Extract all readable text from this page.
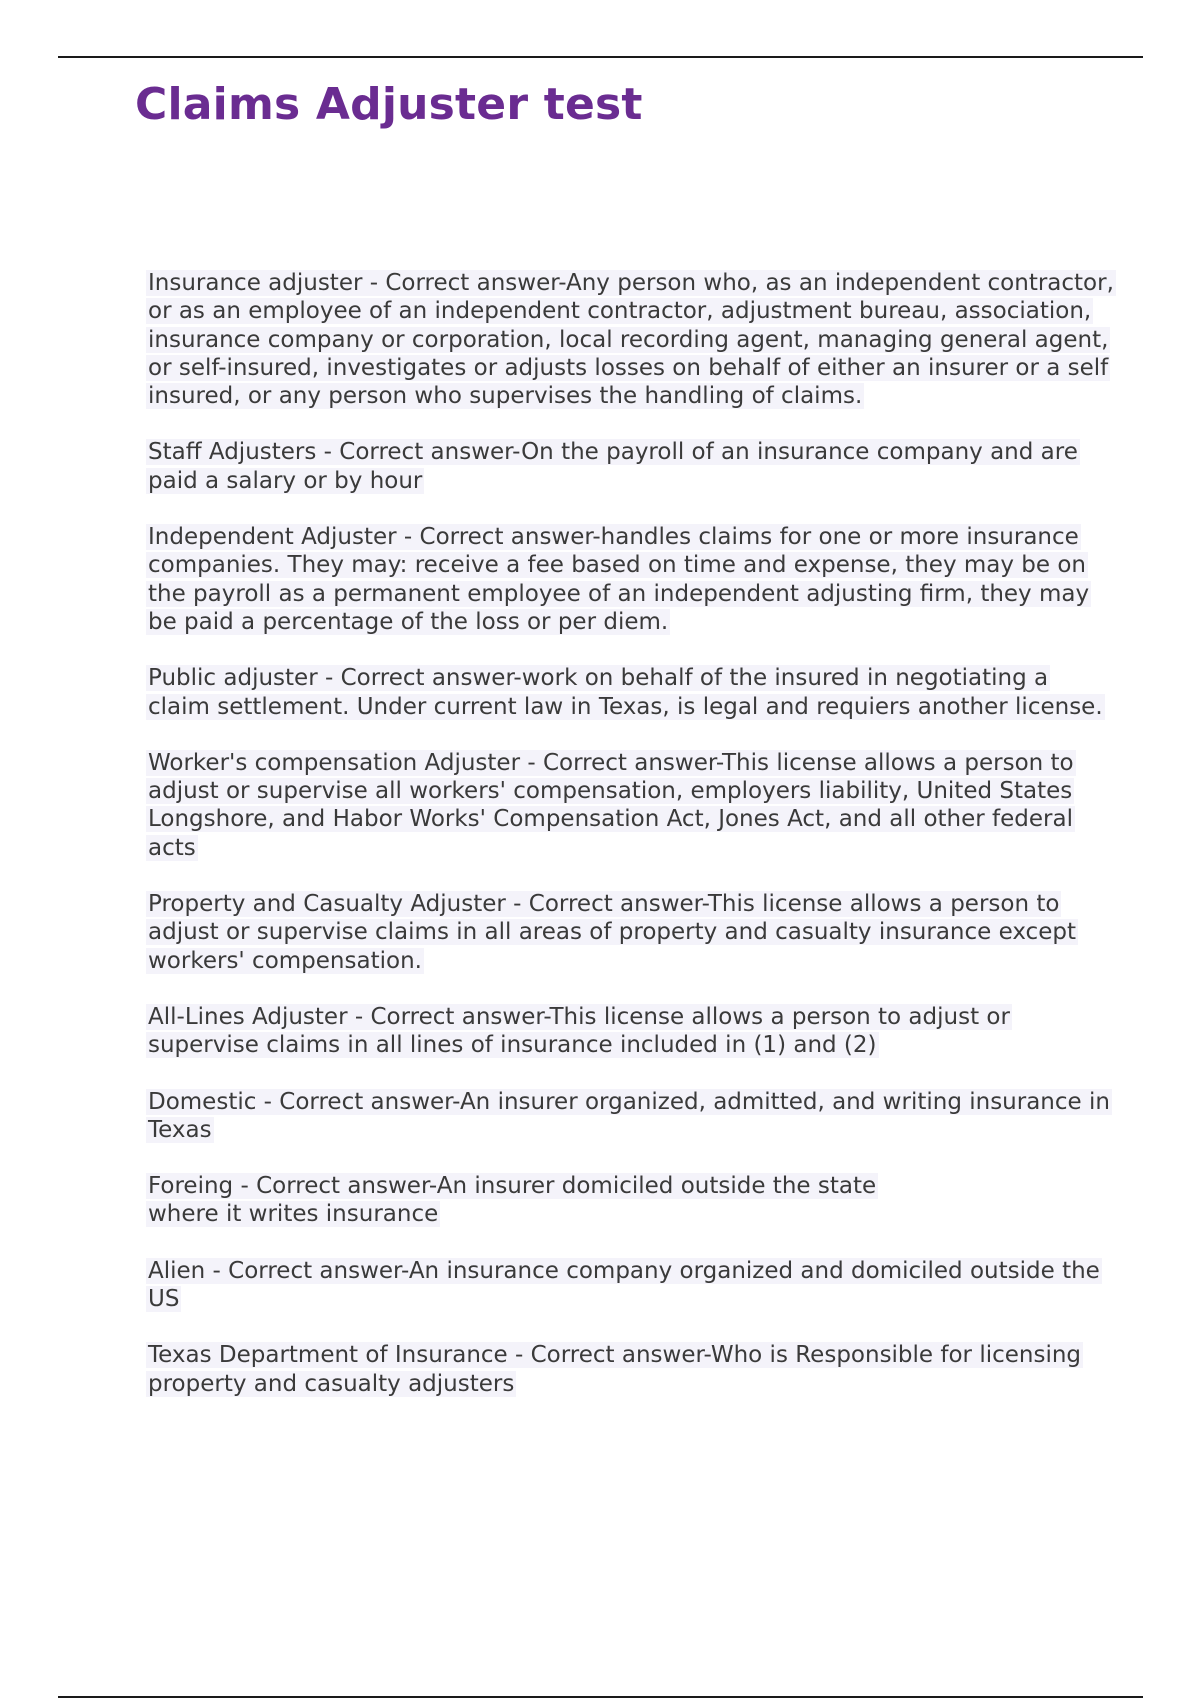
Claims Adjuster test

Insurance adjuster - Correct answer-Any person who, as an independent contractor, or as an employee of an independent contractor, adjustment bureau, association, insurance company or corporation, local recording agent, managing general agent, or self-insured, investigates or adjusts losses on behalf of either an insurer or a self insured, or any person who supervises the handling of claims.

Staff Adjusters - Correct answer-On the payroll of an insurance company and are paid a salary or by hour

Independent Adjuster - Correct answer-handles claims for one or more insurance companies. They may: receive a fee based on time and expense, they may be on the payroll as a permanent employee of an independent adjusting firm, they may be paid a percentage of the loss or per diem.

Public adjuster - Correct answer-work on behalf of the insured in negotiating a claim settlement. Under current law in Texas, is legal and requiers another license.

Worker's compensation Adjuster - Correct answer-This license allows a person to adjust or supervise all workers' compensation, employers liability, United States Longshore, and Habor Works' Compensation Act, Jones Act, and all other federal acts

Property and Casualty Adjuster - Correct answer-This license allows a person to adjust or supervise claims in all areas of property and casualty insurance except workers' compensation.

All-Lines Adjuster - Correct answer-This license allows a person to adjust or supervise claims in all lines of insurance included in (1) and (2)

Domestic - Correct answer-An insurer organized, admitted, and writing insurance in Texas

Foreing - Correct answer-An insurer domiciled outside the state
where it writes insurance

Alien - Correct answer-An insurance company organized and domiciled outside the US

Texas Department of Insurance - Correct answer-Who is Responsible for licensing property and casualty adjusters
